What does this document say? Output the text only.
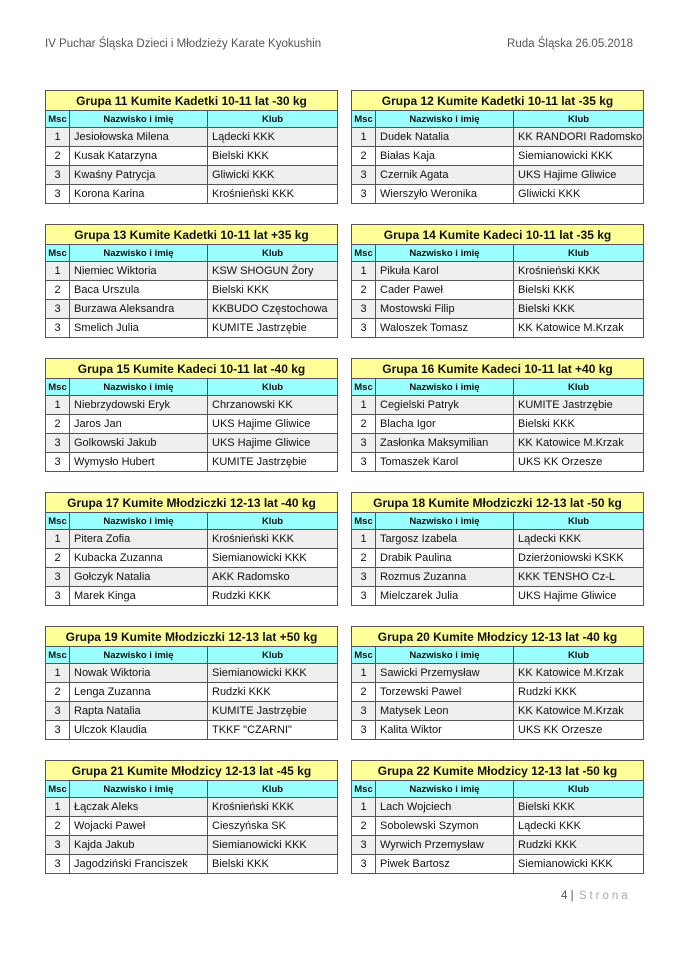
IV Puchar Śląska Dzieci i Młodzieży Karate Kyokushin	Ruda Śląska 26.05.2018
Grupa 11 Kumite Kadetki 10-11 lat -30 kg		
Msc	Nazwisko i imię	Klub
1	Jesiołowska Milena	Lądecki KKK
2	Kusak Katarzyna	Bielski KKK
3	Kwaśny Patrycja	Gliwicki KKK
3	Korona Karina	Krośnieński KKK
Grupa 12 Kumite Kadetki 10-11 lat -35 kg		
Msc	Nazwisko i imię	Klub
1	Dudek Natalia	KK RANDORI Radomsko
2	Białas Kaja	Siemianowicki KKK
3	Czernik Agata	UKS Hajime Gliwice
3	Wierszyło Weronika	Gliwicki KKK
Grupa 13 Kumite Kadetki 10-11 lat +35 kg		
Msc	Nazwisko i imię	Klub
1	Niemiec Wiktoria	KSW SHOGUN Żory
2	Baca Urszula	Bielski KKK
3	Burzawa Aleksandra	KKBUDO Częstochowa
3	Smelich Julia	KUMITE Jastrzębie
Grupa 14 Kumite Kadeci 10-11 lat -35 kg		
Msc	Nazwisko i imię	Klub
1	Pikuła Karol	Krośnieński KKK
2	Cader Paweł	Bielski KKK
3	Mostowski Filip	Bielski KKK
3	Waloszek Tomasz	KK Katowice M.Krzak
Grupa 15 Kumite Kadeci 10-11 lat -40 kg		
Msc	Nazwisko i imię	Klub
1	Niebrzydowski Eryk	Chrzanowski KK
2	Jaros Jan	UKS Hajime Gliwice
3	Golkowski Jakub	UKS Hajime Gliwice
3	Wymysło Hubert	KUMITE Jastrzębie
Grupa 16 Kumite Kadeci 10-11 lat +40 kg		
Msc	Nazwisko i imię	Klub
1	Cegielski Patryk	KUMITE Jastrzębie
2	Blacha Igor	Bielski KKK
3	Zasłonka Maksymilian	KK Katowice M.Krzak
3	Tomaszek Karol	UKS KK Orzesze
Grupa 17 Kumite Młodziczki 12-13 lat -40 kg		
Msc	Nazwisko i imię	Klub
1	Pitera Zofia	Krośnieński KKK
2	Kubacka Zuzanna	Siemianowicki KKK
3	Gołczyk Natalia	AKK Radomsko
3	Marek Kinga	Rudzki KKK
Grupa 18 Kumite Młodziczki 12-13 lat -50 kg		
Msc	Nazwisko i imię	Klub
1	Targosz Izabela	Lądecki KKK
2	Drabik Paulina	Dzierżoniowski KSKK
3	Rozmus Zuzanna	KKK TENSHO Cz-L
3	Mielczarek Julia	UKS Hajime Gliwice
Grupa 19 Kumite Młodziczki 12-13 lat +50 kg		
Msc	Nazwisko i imię	Klub
1	Nowak Wiktoria	Siemianowicki KKK
2	Lenga Zuzanna	Rudzki KKK
3	Rapta Natalia	KUMITE Jastrzębie
3	Ulczok Klaudia	TKKF "CZARNI"
Grupa 20 Kumite Młodzicy 12-13 lat -40 kg		
Msc	Nazwisko i imię	Klub
1	Sawicki Przemysław	KK Katowice M.Krzak
2	Torzewski Pawel	Rudzki KKK
3	Matysek Leon	KK Katowice M.Krzak
3	Kalita Wiktor	UKS KK Orzesze
Grupa 21 Kumite Młodzicy 12-13 lat -45 kg		
Msc	Nazwisko i imię	Klub
1	Łączak Aleks	Krośnieński KKK
2	Wojacki Paweł	Cieszyńska SK
3	Kajda Jakub	Siemianowicki KKK
3	Jagodziński Franciszek	Bielski KKK
Grupa 22 Kumite Młodzicy 12-13 lat -50 kg		
Msc	Nazwisko i imię	Klub
1	Lach Wojciech	Bielski KKK
2	Sobolewski Szymon	Lądecki KKK
3	Wyrwich Przemysław	Rudzki KKK
3	Piwek Bartosz	Siemianowicki KKK
4 | Strona
